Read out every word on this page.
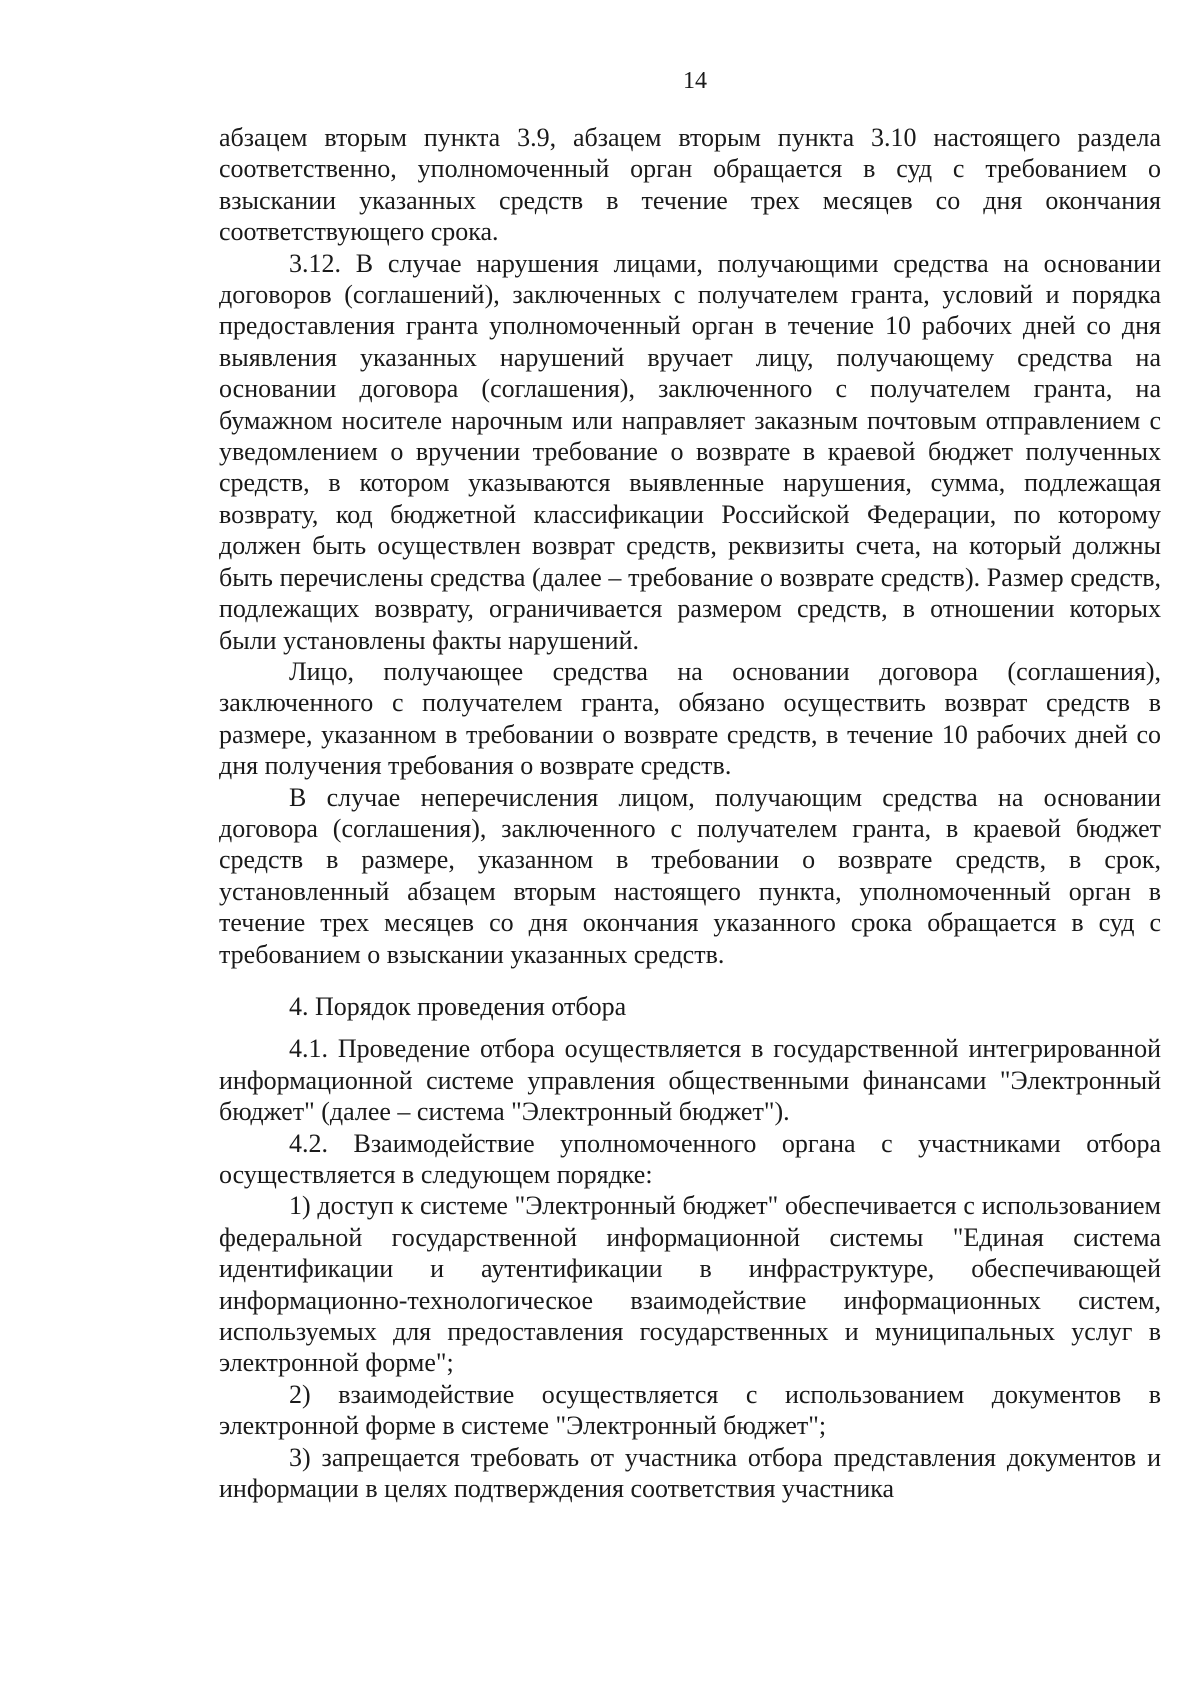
14

абзацем вторым пункта 3.9, абзацем вторым пункта 3.10 настоящего раздела соответственно, уполномоченный орган обращается в суд с требованием о взыскании указанных средств в течение трех месяцев со дня окончания соответствующего срока.

3.12. В случае нарушения лицами, получающими средства на основании договоров (соглашений), заключенных с получателем гранта, условий и порядка предоставления гранта уполномоченный орган в течение 10 рабочих дней со дня выявления указанных нарушений вручает лицу, получающему средства на основании договора (соглашения), заключенного с получателем гранта, на бумажном носителе нарочным или направляет заказным почтовым отправлением с уведомлением о вручении требование о возврате в краевой бюджет полученных средств, в котором указываются выявленные нарушения, сумма, подлежащая возврату, код бюджетной классификации Российской Федерации, по которому должен быть осуществлен возврат средств, реквизиты счета, на который должны быть перечислены средства (далее – требование о возврате средств). Размер средств, подлежащих возврату, ограничивается размером средств, в отношении которых были установлены факты нарушений.

Лицо, получающее средства на основании договора (соглашения), заключенного с получателем гранта, обязано осуществить возврат средств в размере, указанном в требовании о возврате средств, в течение 10 рабочих дней со дня получения требования о возврате средств.

В случае неперечисления лицом, получающим средства на основании договора (соглашения), заключенного с получателем гранта, в краевой бюджет средств в размере, указанном в требовании о возврате средств, в срок, установленный абзацем вторым настоящего пункта, уполномоченный орган в течение трех месяцев со дня окончания указанного срока обращается в суд с требованием о взыскании указанных средств.

4. Порядок проведения отбора

4.1. Проведение отбора осуществляется в государственной интегрированной информационной системе управления общественными финансами "Электронный бюджет" (далее – система "Электронный бюджет").

4.2. Взаимодействие уполномоченного органа с участниками отбора осуществляется в следующем порядке:

1) доступ к системе "Электронный бюджет" обеспечивается с использованием федеральной государственной информационной системы "Единая система идентификации и аутентификации в инфраструктуре, обеспечивающей информационно-технологическое взаимодействие информационных систем, используемых для предоставления государственных и муниципальных услуг в электронной форме";

2) взаимодействие осуществляется с использованием документов в электронной форме в системе "Электронный бюджет";

3) запрещается требовать от участника отбора представления документов и информации в целях подтверждения соответствия участника
